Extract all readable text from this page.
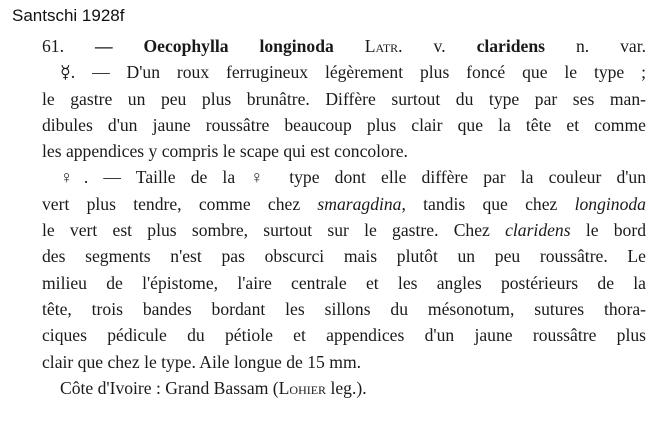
Santschi 1928f
61. — Oecophylla longinoda Latr. v. claridens n. var.
☿. — D'un roux ferrugineux légèrement plus foncé que le type ;
le gastre un peu plus brunâtre. Diffère surtout du type par ses man-
dibules d'un jaune roussâtre beaucoup plus clair que la tête et comme
les appendices y compris le scape qui est concolore.
♀. — Taille de la ♀ type dont elle diffère par la couleur d'un
vert plus tendre, comme chez smaragdina, tandis que chez longinoda
le vert est plus sombre, surtout sur le gastre. Chez claridens le bord
des segments n'est pas obscurci mais plutôt un peu roussâtre. Le
milieu de l'épistome, l'aire centrale et les angles postérieurs de la
tête, trois bandes bordant les sillons du mésonotum, sutures thora-
ciques pédicule du pétiole et appendices d'un jaune roussâtre plus
clair que chez le type. Aile longue de 15 mm.
Côte d'Ivoire : Grand Bassam (Lohier leg.).
